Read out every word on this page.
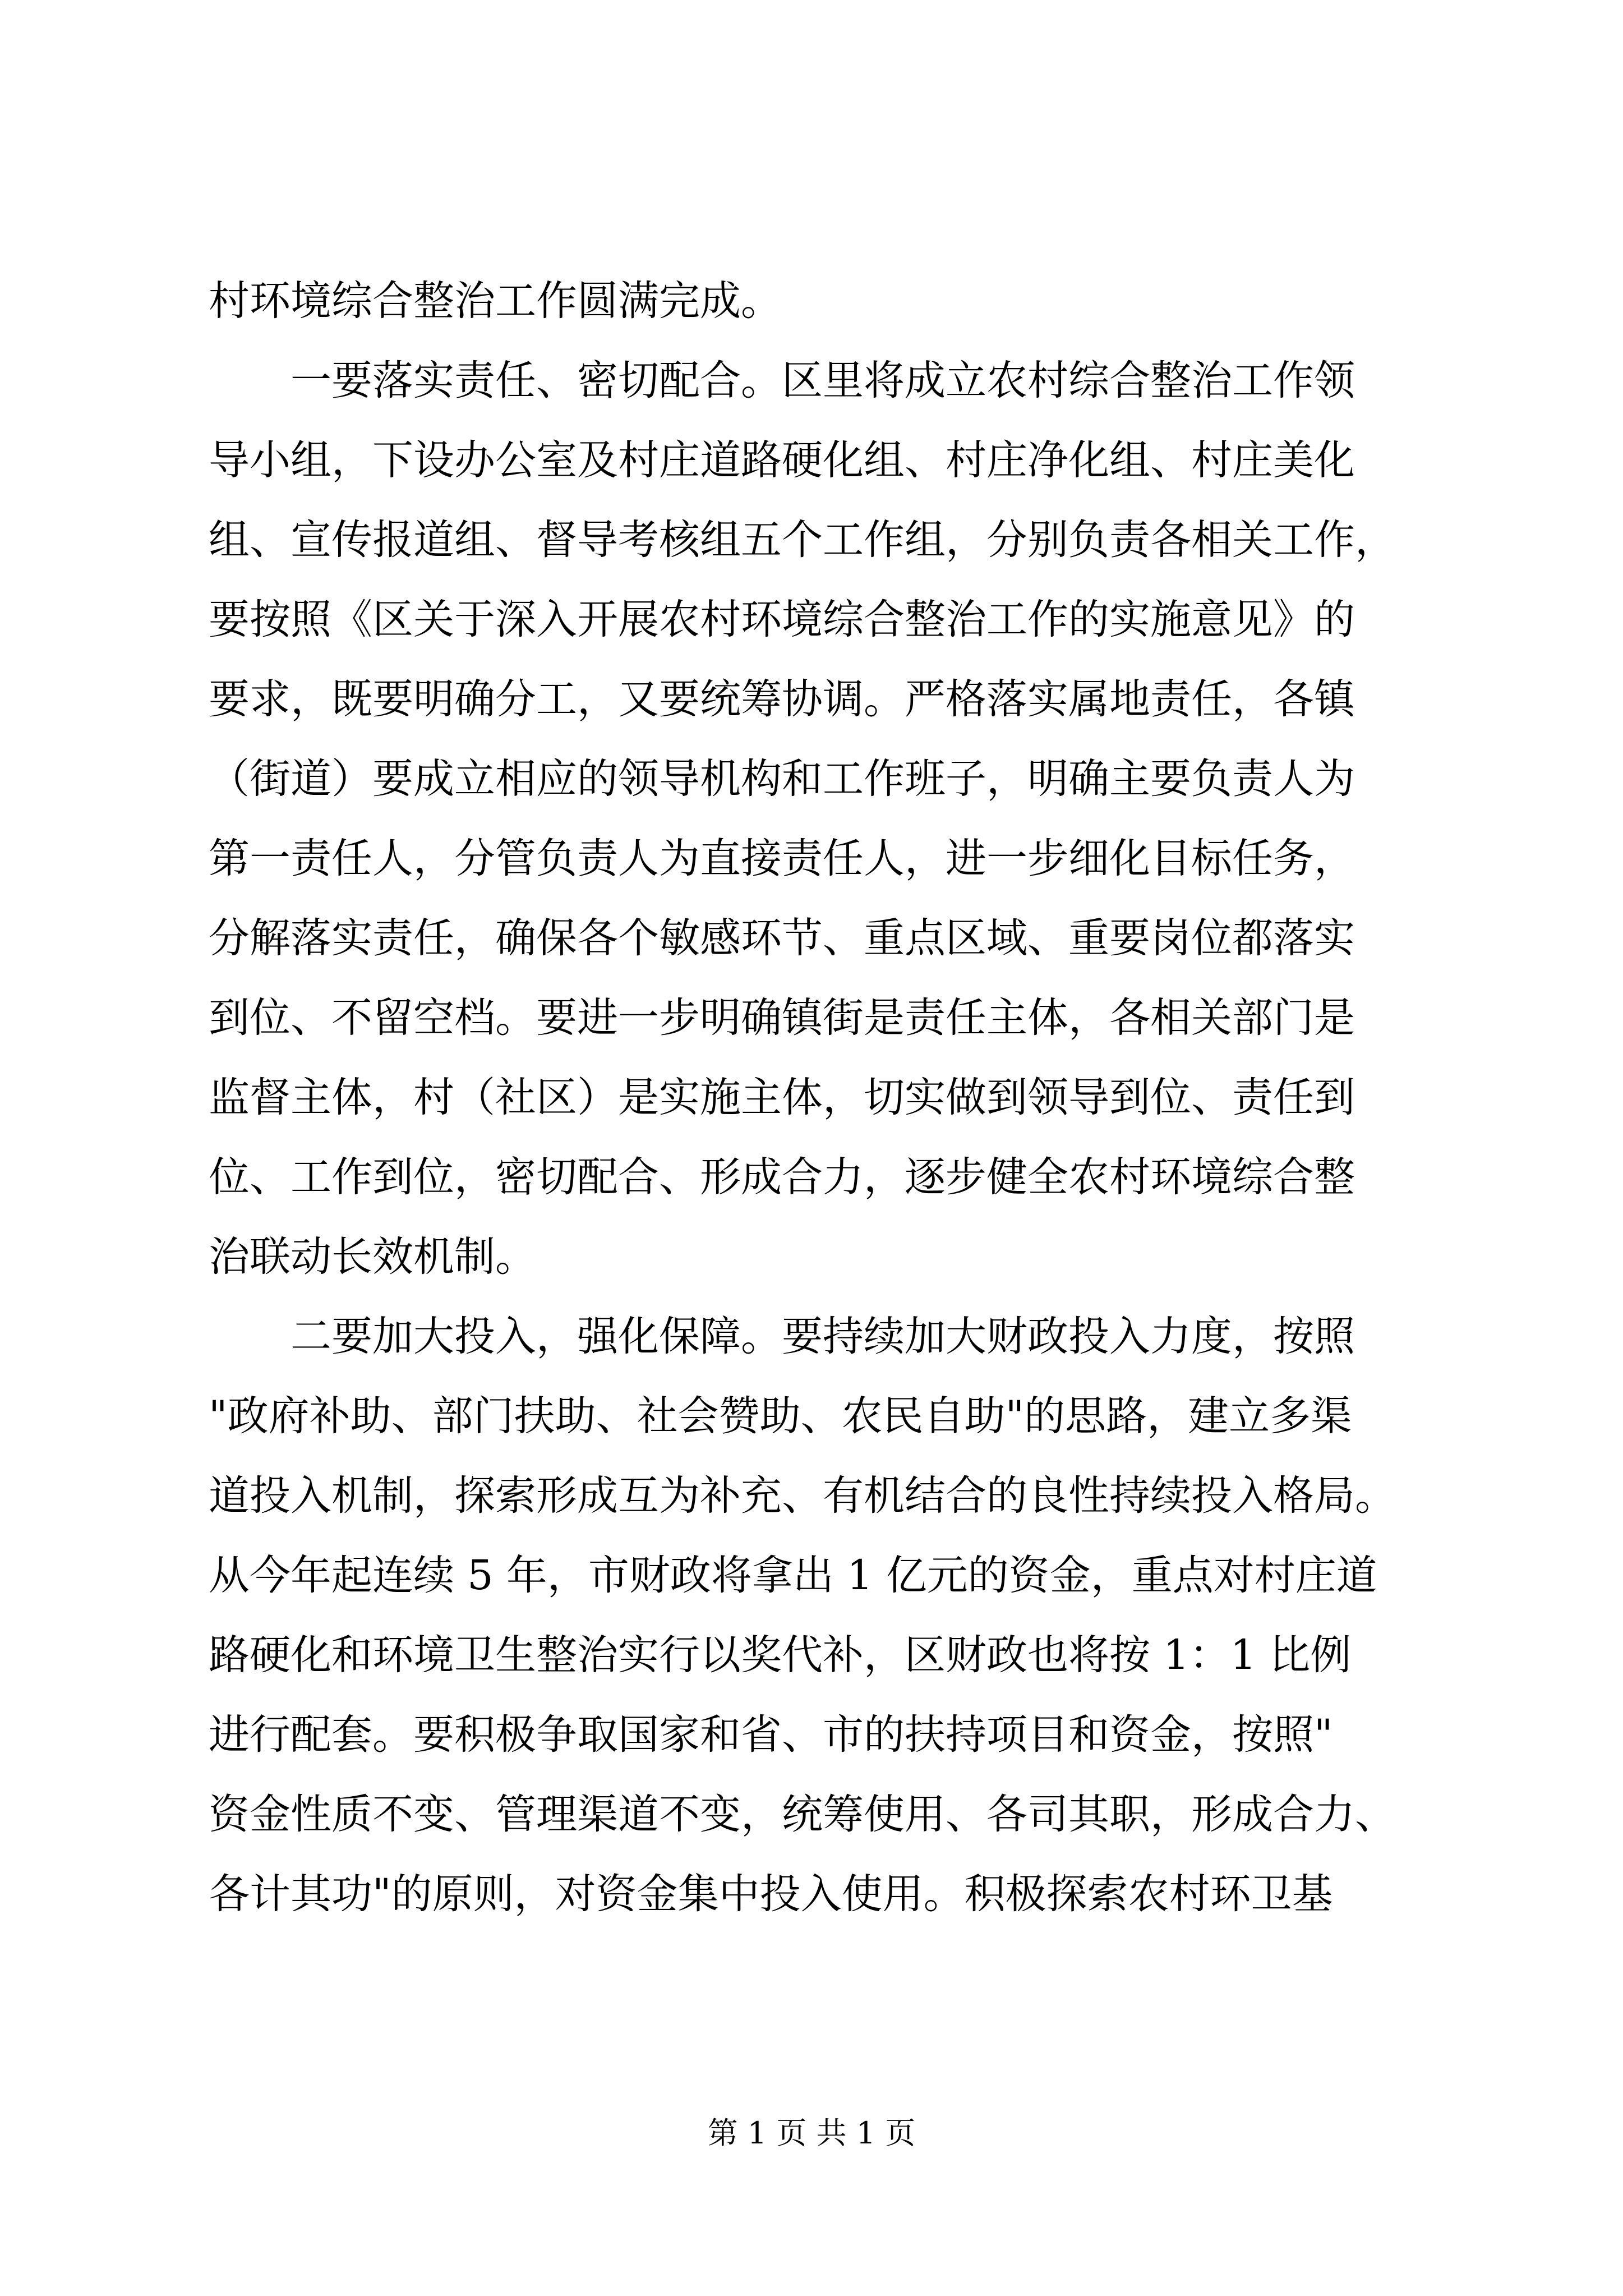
村环境综合整治工作圆满完成。
　　一要落实责任、密切配合。区里将成立农村综合整治工作领
导小组，下设办公室及村庄道路硬化组、村庄净化组、村庄美化
组、宣传报道组、督导考核组五个工作组，分别负责各相关工作，
要按照《区关于深入开展农村环境综合整治工作的实施意见》的
要求，既要明确分工，又要统筹协调。严格落实属地责任，各镇
（街道）要成立相应的领导机构和工作班子，明确主要负责人为
第一责任人，分管负责人为直接责任人，进一步细化目标任务，
分解落实责任，确保各个敏感环节、重点区域、重要岗位都落实
到位、不留空档。要进一步明确镇街是责任主体，各相关部门是
监督主体，村（社区）是实施主体，切实做到领导到位、责任到
位、工作到位，密切配合、形成合力，逐步健全农村环境综合整
治联动长效机制。
　　二要加大投入，强化保障。要持续加大财政投入力度，按照
"政府补助、部门扶助、社会赞助、农民自助"的思路，建立多渠
道投入机制，探索形成互为补充、有机结合的良性持续投入格局。
从今年起连续 5 年，市财政将拿出 1 亿元的资金，重点对村庄道
路硬化和环境卫生整治实行以奖代补，区财政也将按 1：1 比例
进行配套。要积极争取国家和省、市的扶持项目和资金，按照"
资金性质不变、管理渠道不变，统筹使用、各司其职，形成合力、
各计其功"的原则，对资金集中投入使用。积极探索农村环卫基
第 1 页 共 1 页
